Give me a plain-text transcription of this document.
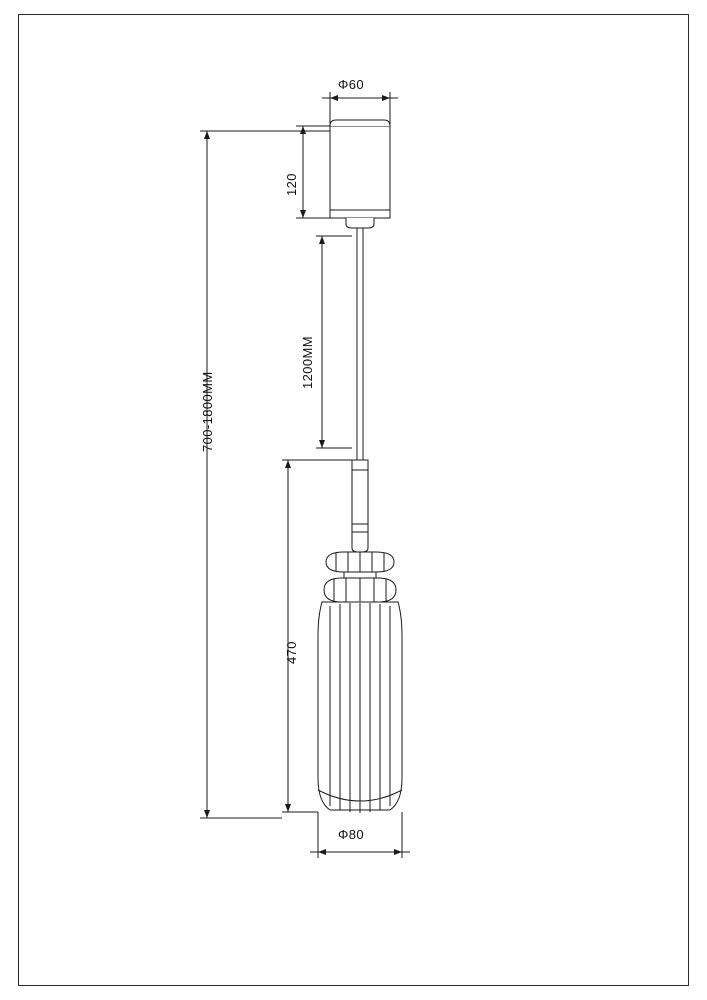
Φ60
120
1200MM
470
700-1800MM
Φ80
